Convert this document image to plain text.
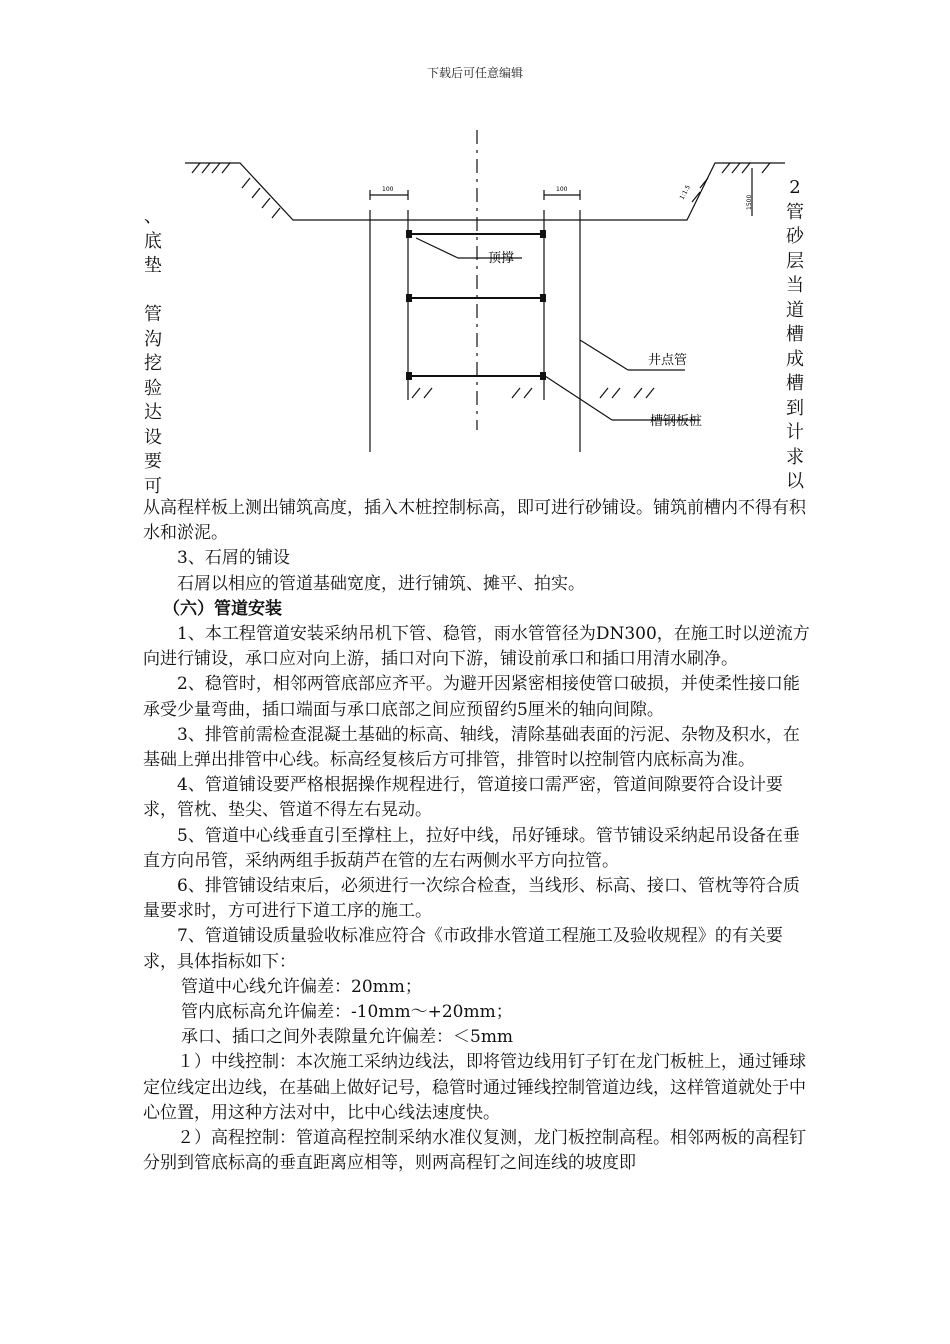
下载后可任意编辑
顶撑
井点管
槽钢板桩
100	100	1:1.5
1500
、
底
垫
管
沟
挖
验
达
设
要
可
2
管
砂
层
当
道
槽
成
槽
到
计
求
以

从高程样板上测出铺筑高度，插入木桩控制标高，即可进行砂铺设。铺筑前槽内不得有积水和淤泥。

3、石屑的铺设

石屑以相应的管道基础宽度，进行铺筑、摊平、拍实。

（六）管道安装

1、本工程管道安装采纳吊机下管、稳管，雨水管管径为DN300，在施工时以逆流方向进行铺设，承口应对向上游，插口对向下游，铺设前承口和插口用清水刷净。

2、稳管时，相邻两管底部应齐平。为避开因紧密相接使管口破损，并使柔性接口能承受少量弯曲，插口端面与承口底部之间应预留约5厘米的轴向间隙。

3、排管前需检查混凝土基础的标高、轴线，清除基础表面的污泥、杂物及积水，在基础上弹出排管中心线。标高经复核后方可排管，排管时以控制管内底标高为准。

4、管道铺设要严格根据操作规程进行，管道接口需严密，管道间隙要符合设计要求，管枕、垫尖、管道不得左右晃动。

5、管道中心线垂直引至撑柱上，拉好中线，吊好锤球。管节铺设采纳起吊设备在垂直方向吊管，采纳两组手扳葫芦在管的左右两侧水平方向拉管。

6、排管铺设结束后，必须进行一次综合检查，当线形、标高、接口、管枕等符合质量要求时，方可进行下道工序的施工。

7、管道铺设质量验收标准应符合《市政排水管道工程施工及验收规程》的有关要求，具体指标如下：

管道中心线允许偏差：20mm；

管内底标高允许偏差：-10mm～+20mm；

承口、插口之间外表隙量允许偏差：＜5mm

１）中线控制：本次施工采纳边线法，即将管边线用钉子钉在龙门板桩上，通过锤球定位线定出边线，在基础上做好记号，稳管时通过锤线控制管道边线，这样管道就处于中心位置，用这种方法对中，比中心线法速度快。

２）高程控制：管道高程控制采纳水准仪复测，龙门板控制高程。相邻两板的高程钉分别到管底标高的垂直距离应相等，则两高程钉之间连线的坡度即
